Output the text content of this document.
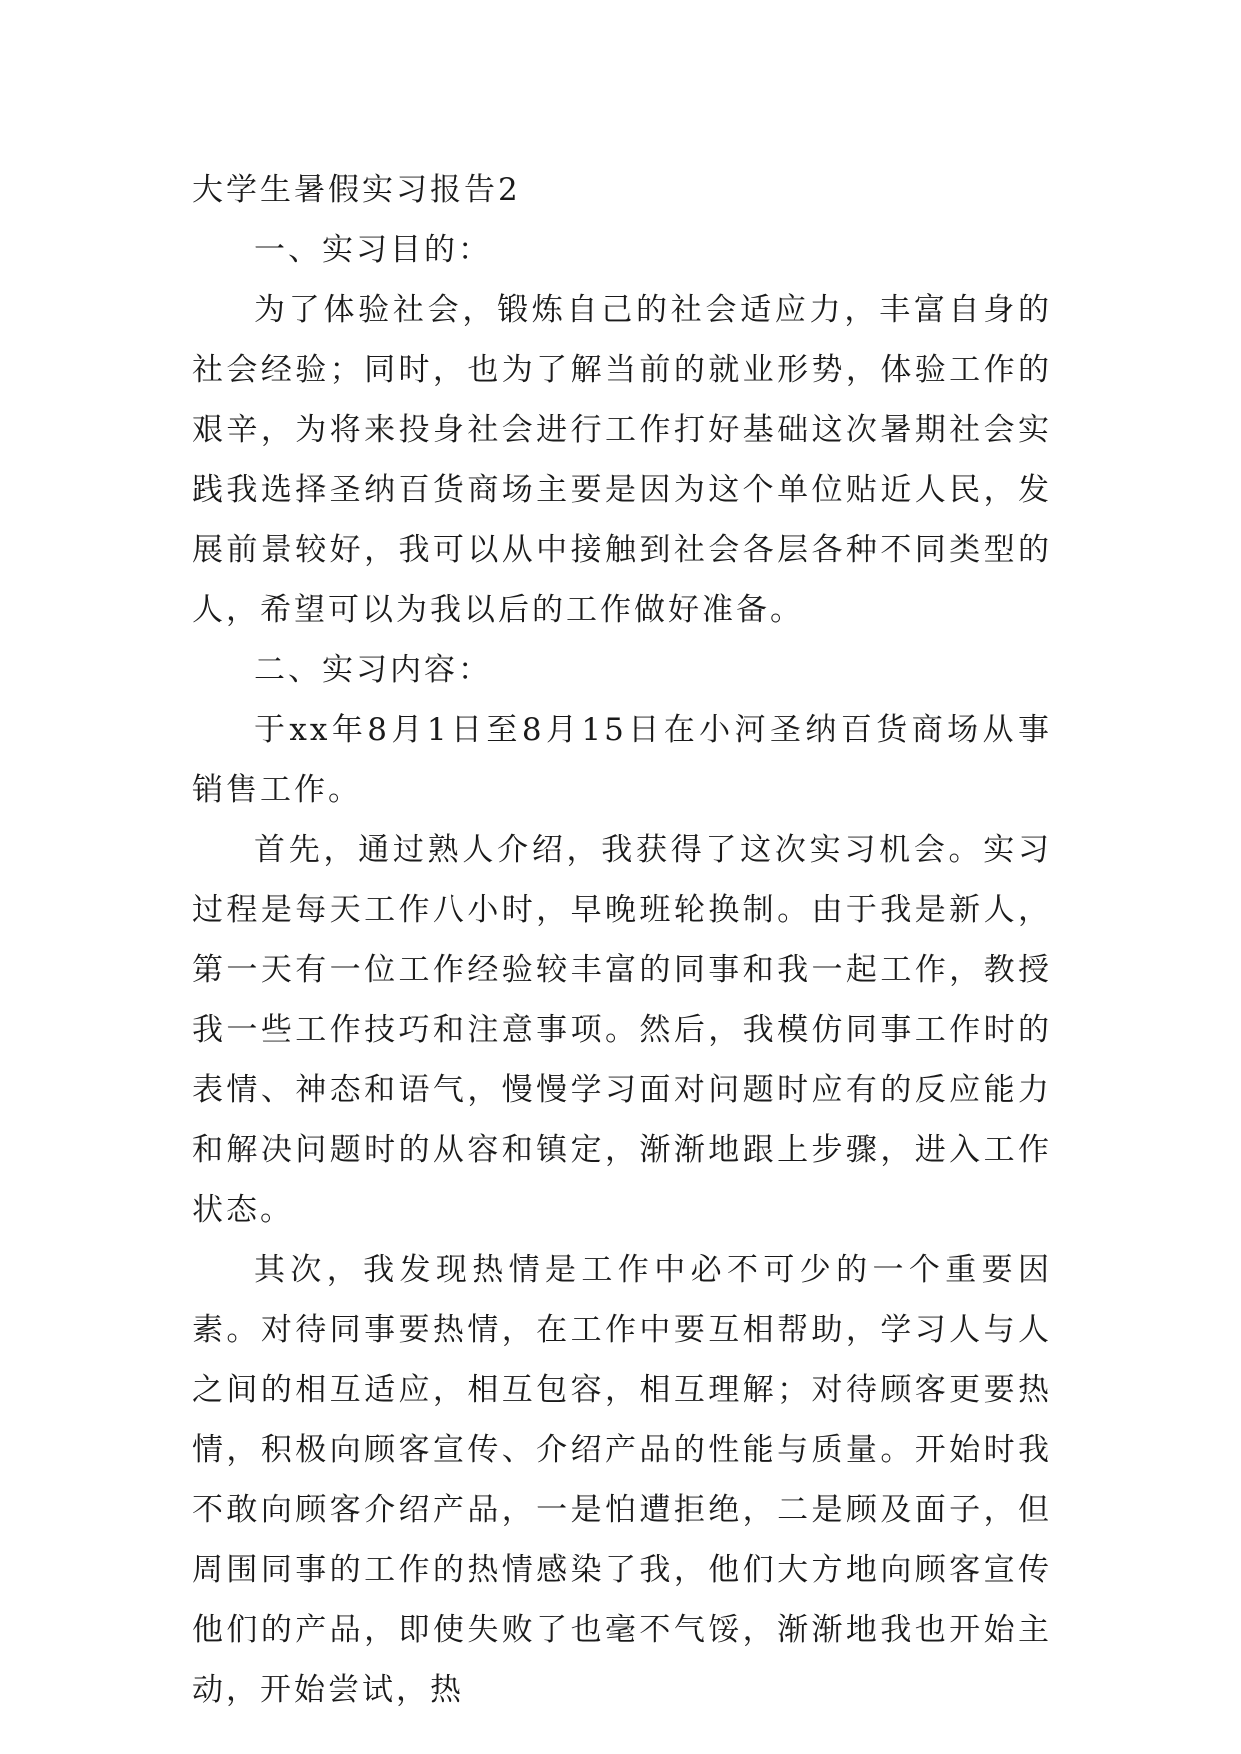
大学生暑假实习报告2

一、实习目的：

为了体验社会，锻炼自己的社会适应力，丰富自身的社会经验；同时，也为了解当前的就业形势，体验工作的艰辛，为将来投身社会进行工作打好基础这次暑期社会实践我选择圣纳百货商场主要是因为这个单位贴近人民，发展前景较好，我可以从中接触到社会各层各种不同类型的人，希望可以为我以后的工作做好准备。

二、实习内容：

于xx年8月1日至8月15日在小河圣纳百货商场从事销售工作。

首先，通过熟人介绍，我获得了这次实习机会。实习过程是每天工作八小时，早晚班轮换制。由于我是新人，第一天有一位工作经验较丰富的同事和我一起工作，教授我一些工作技巧和注意事项。然后，我模仿同事工作时的表情、神态和语气，慢慢学习面对问题时应有的反应能力和解决问题时的从容和镇定，渐渐地跟上步骤，进入工作状态。

其次，我发现热情是工作中必不可少的一个重要因素。对待同事要热情，在工作中要互相帮助，学习人与人之间的相互适应，相互包容，相互理解；对待顾客更要热情，积极向顾客宣传、介绍产品的性能与质量。开始时我不敢向顾客介绍产品，一是怕遭拒绝，二是顾及面子，但周围同事的工作的热情感染了我，他们大方地向顾客宣传他们的产品，即使失败了也毫不气馁，渐渐地我也开始主动，开始尝试，热
